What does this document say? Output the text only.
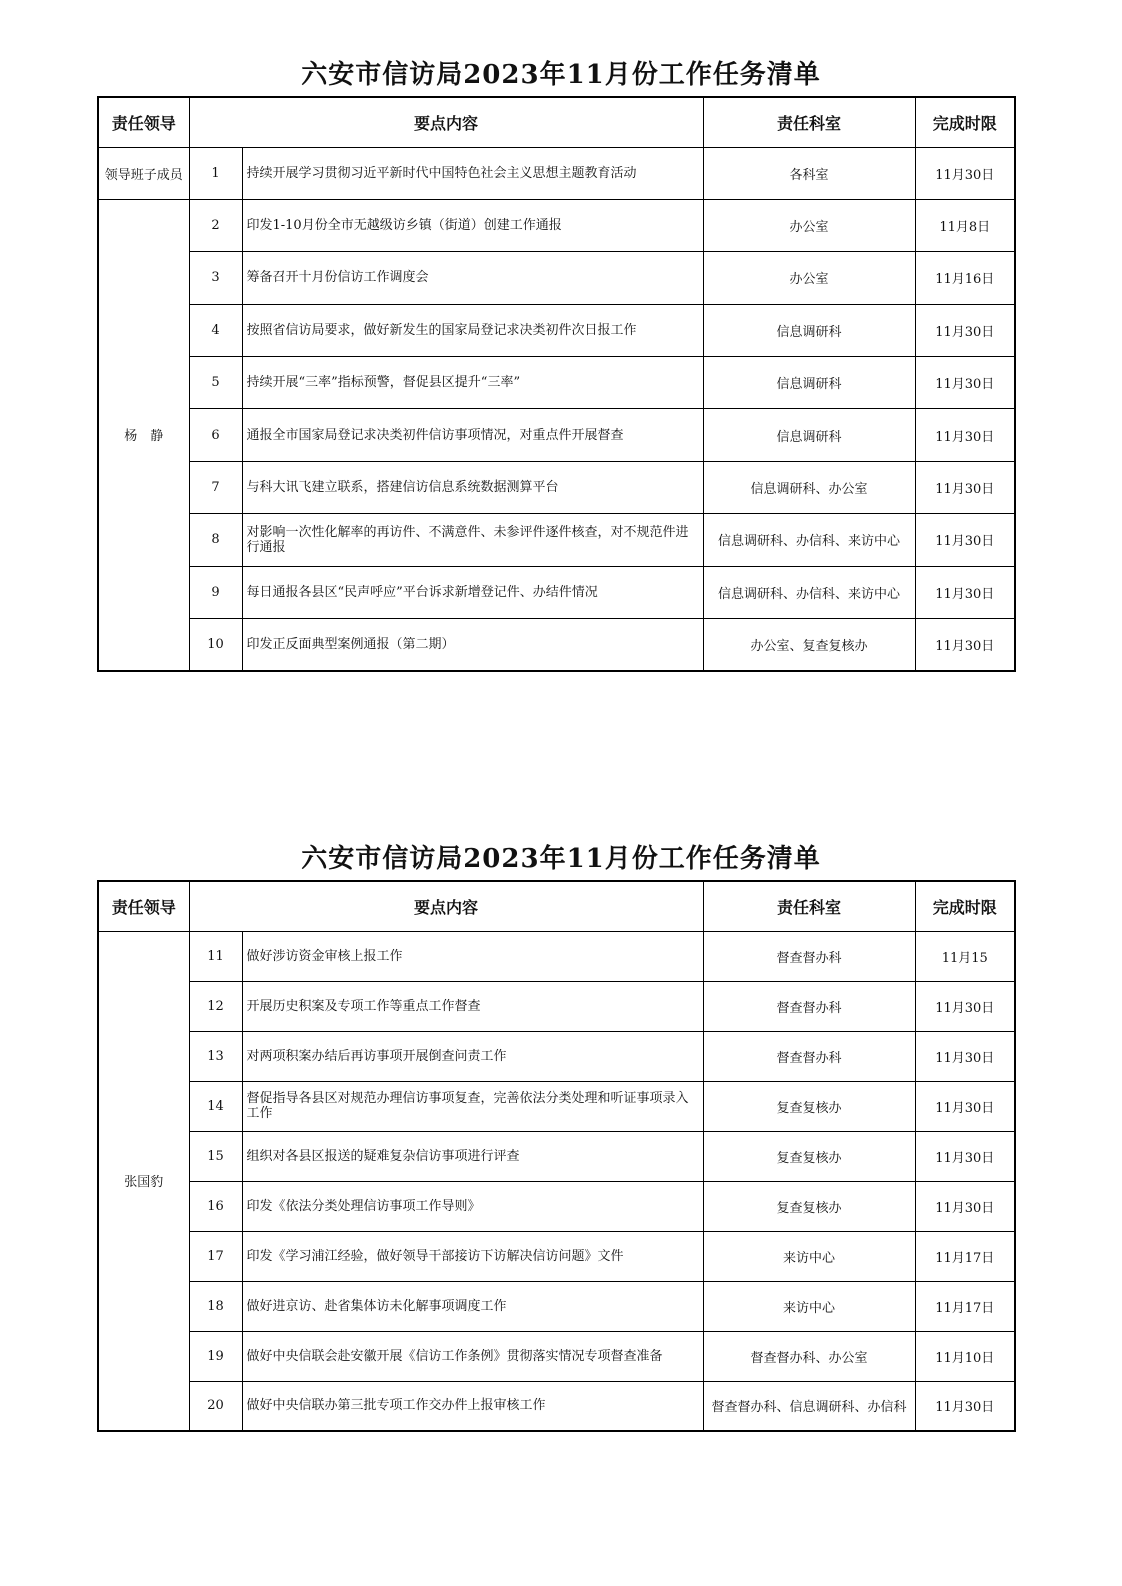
六安市信访局2023年11月份工作任务清单
责任领导	要点内容		责任科室	完成时限
领导班子成员	1	持续开展学习贯彻习近平新时代中国特色社会主义思想主题教育活动	各科室	11月30日
杨　静	2	印发1-10月份全市无越级访乡镇（街道）创建工作通报	办公室	11月8日
	3	筹备召开十月份信访工作调度会	办公室	11月16日
	4	按照省信访局要求，做好新发生的国家局登记求决类初件次日报工作	信息调研科	11月30日
	5	持续开展“三率”指标预警，督促县区提升“三率”	信息调研科	11月30日
	6	通报全市国家局登记求决类初件信访事项情况，对重点件开展督查	信息调研科	11月30日
	7	与科大讯飞建立联系，搭建信访信息系统数据测算平台	信息调研科、办公室	11月30日
	8	对影响一次性化解率的再访件、不满意件、未参评件逐件核查，对不规范件进行通报	信息调研科、办信科、来访中心	11月30日
	9	每日通报各县区“民声呼应”平台诉求新增登记件、办结件情况	信息调研科、办信科、来访中心	11月30日
	10	印发正反面典型案例通报（第二期）	办公室、复查复核办	11月30日
六安市信访局2023年11月份工作任务清单
责任领导	要点内容		责任科室	完成时限
张国豹	11	做好涉访资金审核上报工作	督查督办科	11月15
	12	开展历史积案及专项工作等重点工作督查	督查督办科	11月30日
	13	对两项积案办结后再访事项开展倒查问责工作	督查督办科	11月30日
	14	督促指导各县区对规范办理信访事项复查，完善依法分类处理和听证事项录入工作	复查复核办	11月30日
	15	组织对各县区报送的疑难复杂信访事项进行评查	复查复核办	11月30日
	16	印发《依法分类处理信访事项工作导则》	复查复核办	11月30日
	17	印发《学习浦江经验，做好领导干部接访下访解决信访问题》文件	来访中心	11月17日
	18	做好进京访、赴省集体访未化解事项调度工作	来访中心	11月17日
	19	做好中央信联会赴安徽开展《信访工作条例》贯彻落实情况专项督查准备	督查督办科、办公室	11月10日
	20	做好中央信联办第三批专项工作交办件上报审核工作	督查督办科、信息调研科、办信科	11月30日
